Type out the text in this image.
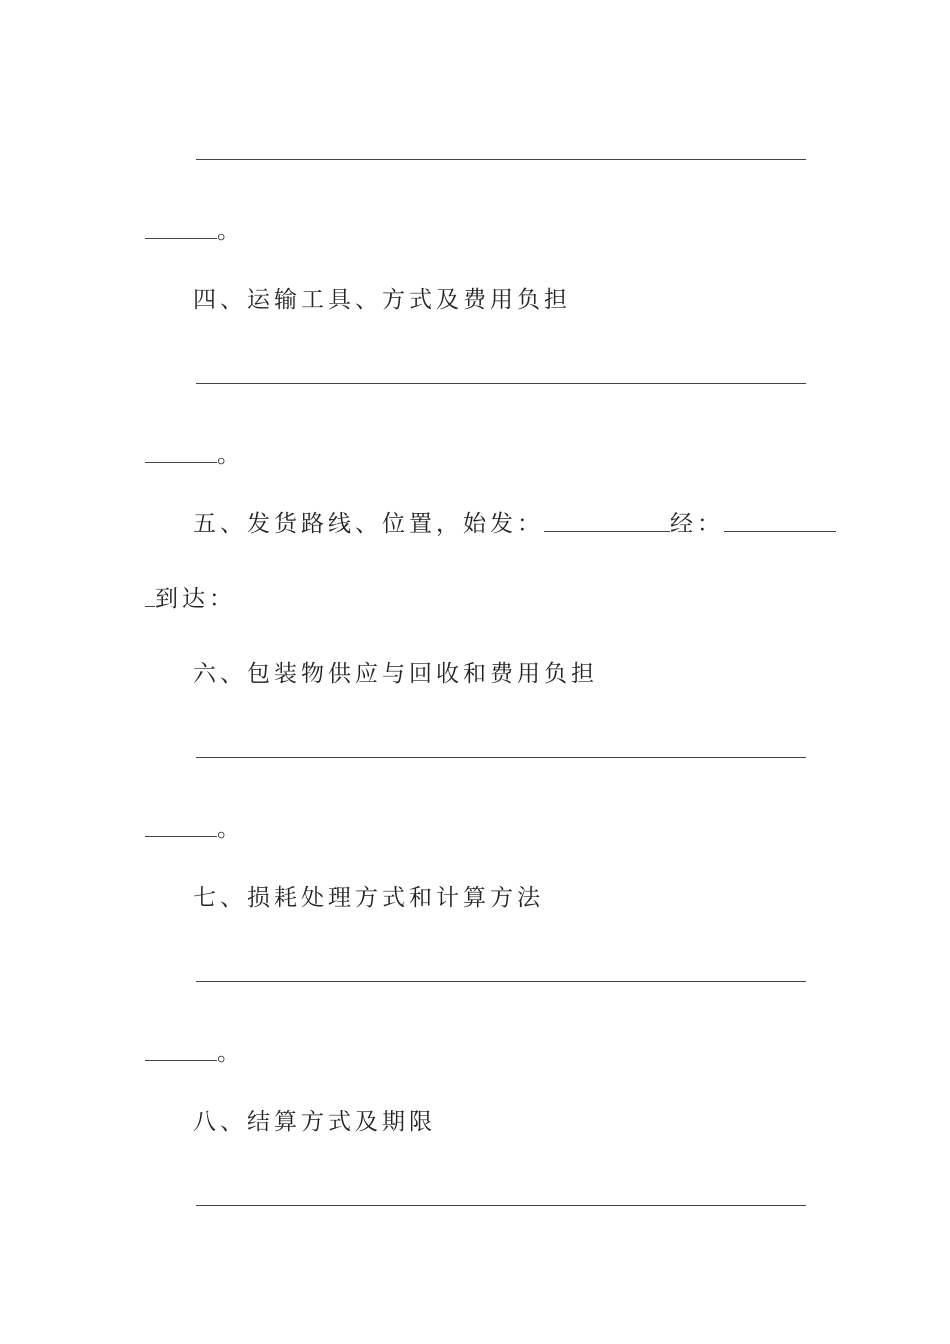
。
四、运输工具、方式及费用负担
。
五、发货路线、位置，始发：	经：
到达：
六、包装物供应与回收和费用负担
。
七、损耗处理方式和计算方法
。
八、结算方式及期限
